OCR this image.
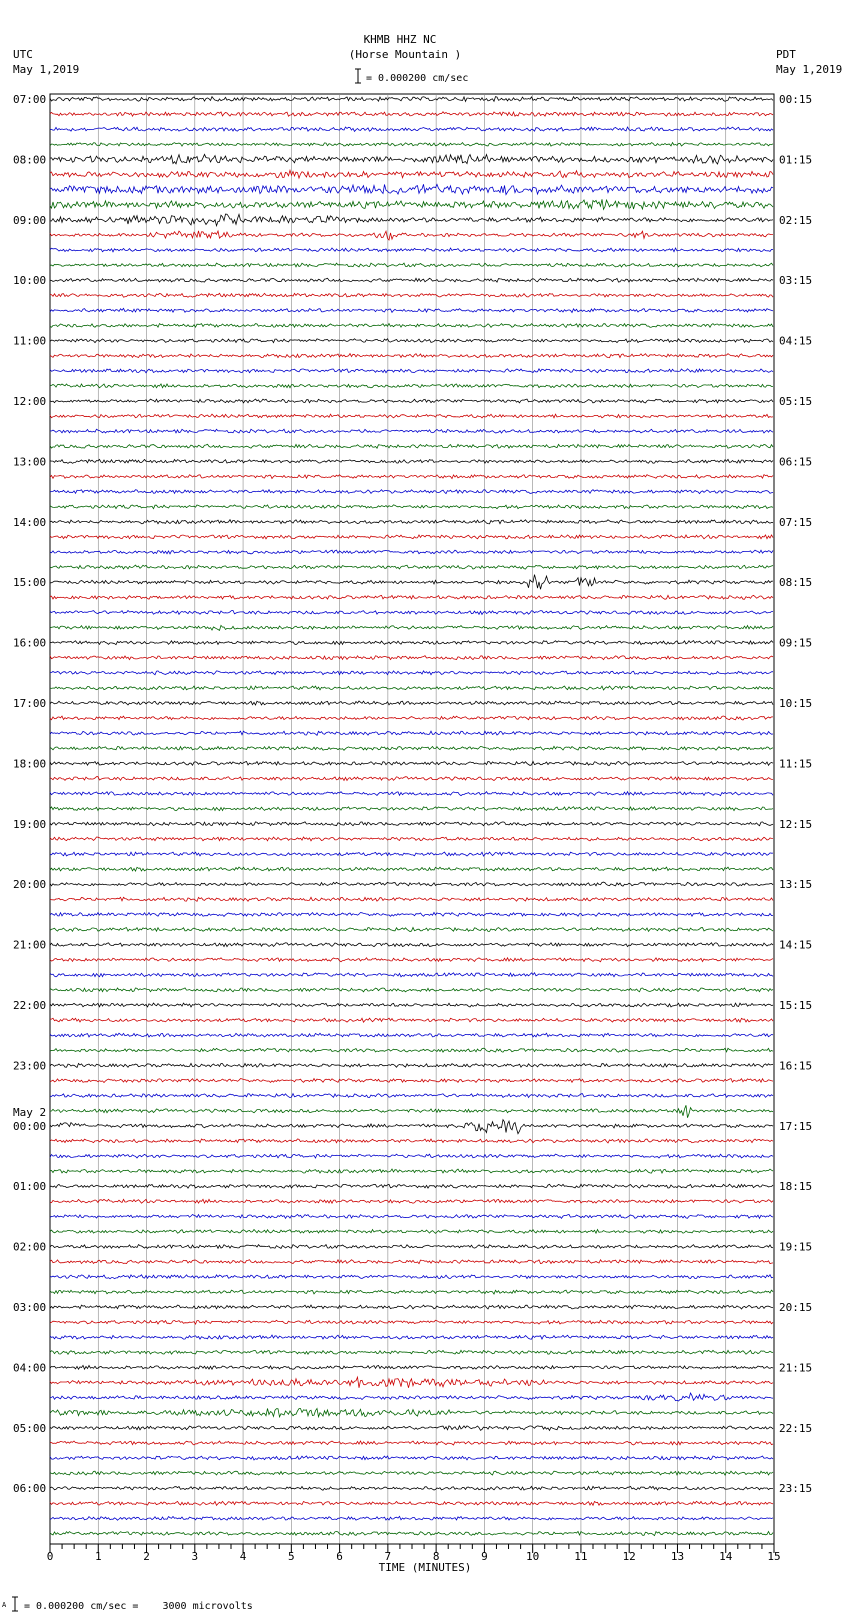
KHMB HHZ NC
(Horse Mountain )
= 0.000200 cm/sec
UTC
May 1,2019
PDT
May 1,2019
07:00	00:15
08:00	01:15
09:00	02:15
10:00	03:15
11:00	04:15
12:00	05:15
13:00	06:15
14:00	07:15
15:00	08:15
16:00	09:15
17:00	10:15
18:00	11:15
19:00	12:15
20:00	13:15
21:00	14:15
22:00	15:15
23:00	16:15
00:00	17:15
01:00	18:15
02:00	19:15
03:00	20:15
04:00	21:15
05:00	22:15
06:00	23:15
May 2
0	1	2	3	4	5	6	7	8	9	10	11	12	13	14	15
TIME (MINUTES)
A = 0.000200 cm/sec =    3000 microvolts
